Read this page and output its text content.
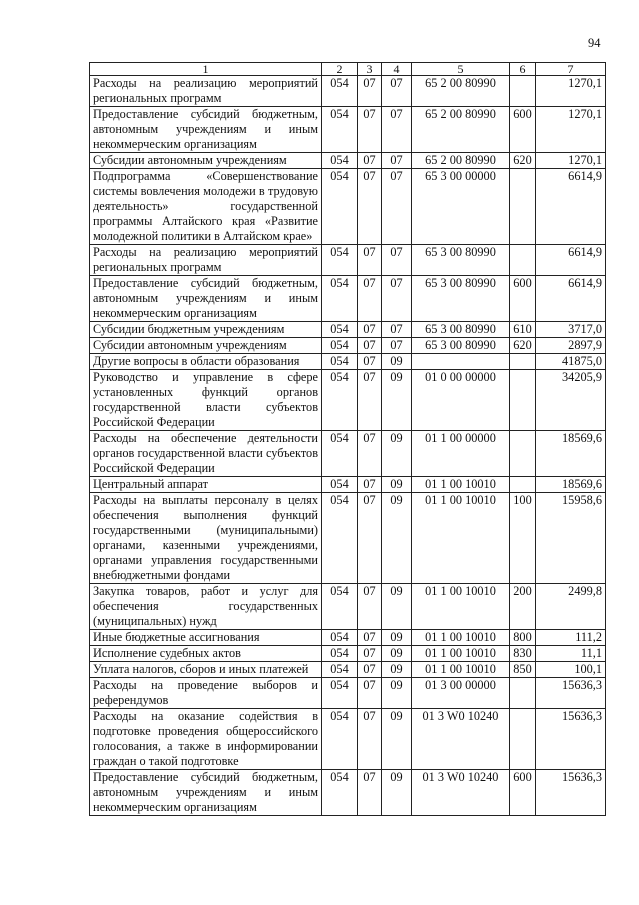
94
1	2	3	4	5	6	7
Расходы на реализацию мероприятий региональных программ	054	07	07	65 2 00 80990		1270,1
Предоставление субсидий бюджетным, автономным учреждениям и иным некоммерческим организациям	054	07	07	65 2 00 80990	600	1270,1
Субсидии автономным учреждениям	054	07	07	65 2 00 80990	620	1270,1
Подпрограмма «Совершенствование системы вовлечения молодежи в трудовую деятельность» государственной программы Алтайского края «Развитие молодежной политики в Алтайском крае»	054	07	07	65 3 00 00000		6614,9
Расходы на реализацию мероприятий региональных программ	054	07	07	65 3 00 80990		6614,9
Предоставление субсидий бюджетным, автономным учреждениям и иным некоммерческим организациям	054	07	07	65 3 00 80990	600	6614,9
Субсидии бюджетным учреждениям	054	07	07	65 3 00 80990	610	3717,0
Субсидии автономным учреждениям	054	07	07	65 3 00 80990	620	2897,9
Другие вопросы в области образования	054	07	09			41875,0
Руководство и управление в сфере установленных функций органов государственной власти субъектов Российской Федерации	054	07	09	01 0 00 00000		34205,9
Расходы на обеспечение деятельности органов государственной власти субъектов Российской Федерации	054	07	09	01 1 00 00000		18569,6
Центральный аппарат	054	07	09	01 1 00 10010		18569,6
Расходы на выплаты персоналу в целях обеспечения выполнения функций государственными (муниципальными) органами, казенными учреждениями, органами управления государственными внебюджетными фондами	054	07	09	01 1 00 10010	100	15958,6
Закупка товаров, работ и услуг для обеспечения государственных (муниципальных) нужд	054	07	09	01 1 00 10010	200	2499,8
Иные бюджетные ассигнования	054	07	09	01 1 00 10010	800	111,2
Исполнение судебных актов	054	07	09	01 1 00 10010	830	11,1
Уплата налогов, сборов и иных платежей	054	07	09	01 1 00 10010	850	100,1
Расходы на проведение выборов и референдумов	054	07	09	01 3 00 00000		15636,3
Расходы на оказание содействия в подготовке проведения общероссийского голосования, а также в информировании граждан о такой подготовке	054	07	09	01 3 W0 10240		15636,3
Предоставление субсидий бюджетным, автономным учреждениям и иным некоммерческим организациям	054	07	09	01 3 W0 10240	600	15636,3
